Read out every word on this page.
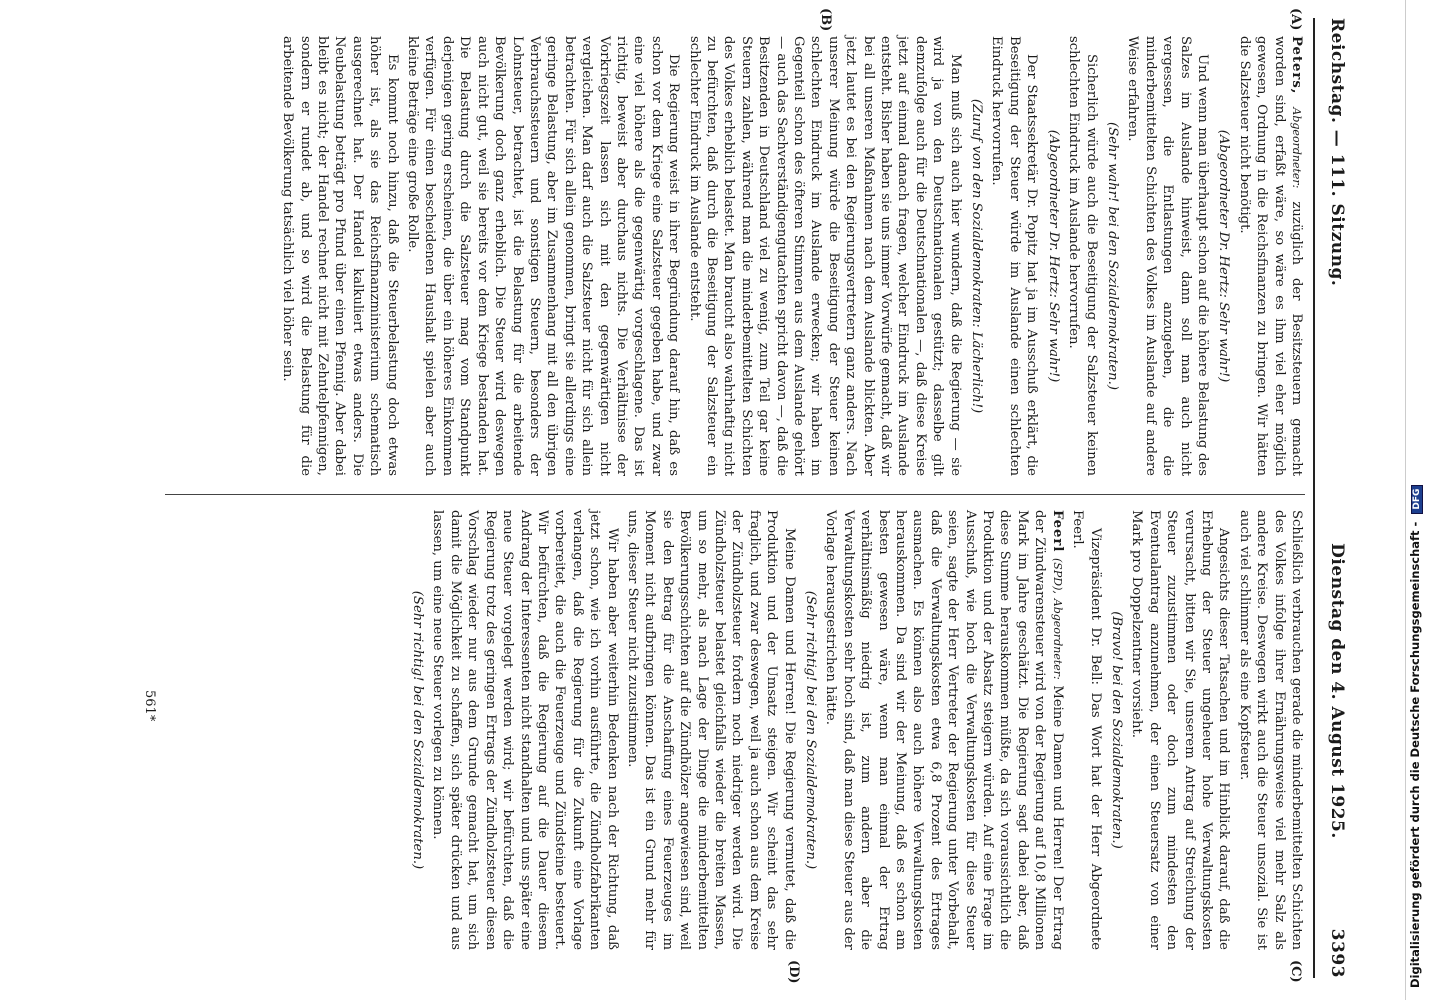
Reichstag. — 111. Sitzung.
Dienstag den 4. August 1925.              3393
(A)
(B)
(C)
(D)

Peters, Abgeordneter: zuzüglich der Besitzsteuern gemacht worden sind, erfaßt wäre, so wäre es ihm viel eher möglich gewesen, Ordnung in die Reichsfinanzen zu bringen. Wir hätten die Salzsteuer nicht benötigt.

(Abgeordneter Dr. Hertz: Sehr wahr!)

Und wenn man überhaupt schon auf die höhere Belastung des Salzes im Auslande hinweist, dann soll man auch nicht vergessen, die Entlastungen anzugeben, die die minderbemittelten Schichten des Volkes im Auslande auf andere Weise erfahren.

(Sehr wahr! bei den Sozialdemokraten.)

Sicherlich würde auch die Beseitigung der Salzsteuer keinen schlechten Eindruck im Auslande hervorrufen.

(Abgeordneter Dr. Hertz: Sehr wahr!)

Der Staatssekretär Dr. Popitz hat ja im Ausschuß erklärt, die Beseitigung der Steuer würde im Auslande einen schlechten Eindruck hervorrufen.

(Zuruf von den Sozialdemokraten: Lächerlich!)

Man muß sich auch hier wundern, daß die Regierung — sie wird ja von den Deutschnationalen gestützt; dasselbe gilt demzufolge auch für die Deutschnationalen —, daß diese Kreise jetzt auf einmal danach fragen, welcher Eindruck im Auslande entsteht. Bisher haben sie uns immer Vorwürfe gemacht, daß wir bei all unseren Maßnahmen nach dem Auslande blickten. Aber jetzt lautet es bei den Regierungsvertretern ganz anders. Nach unserer Meinung würde die Beseitigung der Steuer keinen schlechten Eindruck im Auslande erwecken; wir haben im Gegenteil schon des öfteren Stimmen aus dem Auslande gehört — auch das Sachverständigengutachten spricht davon —, daß die Besitzenden in Deutschland viel zu wenig, zum Teil gar keine Steuern zahlen, während man die minderbemittelten Schichten des Volkes erheblich belastet. Man braucht also wahrhaftig nicht zu befürchten, daß durch die Beseitigung der Salzsteuer ein schlechter Eindruck im Auslande entsteht.

Die Regierung weist in ihrer Begründung darauf hin, daß es schon vor dem Kriege eine Salzsteuer gegeben habe, und zwar eine viel höhere als die gegenwärtig vorgeschlagene. Das ist richtig, beweist aber durchaus nichts. Die Verhältnisse der Vorkriegszeit lassen sich mit den gegenwärtigen nicht vergleichen. Man darf auch die Salzsteuer nicht für sich allein betrachten. Für sich allein genommen, bringt sie allerdings eine geringe Belastung, aber im Zusammenhang mit all den übrigen Verbrauchssteuern und sonstigen Steuern, besonders der Lohnsteuer, betrachtet, ist die Belastung für die arbeitende Bevölkerung doch ganz erheblich. Die Steuer wird deswegen auch nicht gut, weil sie bereits vor dem Kriege bestanden hat. Die Belastung durch die Salzsteuer mag vom Standpunkt derjenigen gering erscheinen, die über ein höheres Einkommen verfügen. Für einen bescheidenen Haushalt spielen aber auch kleine Beträge eine große Rolle.

Es kommt noch hinzu, daß die Steuerbelastung doch etwas höher ist, als sie das Reichsfinanzministerium schematisch ausgerechnet hat. Der Handel kalkuliert etwas anders. Die Neubelastung beträgt pro Pfund über einen Pfennig. Aber dabei bleibt es nicht; der Handel rechnet nicht mit Zehntelpfennigen, sondern er rundet ab, und so wird die Belastung für die arbeitende Bevölkerung tatsächlich viel höher sein.

Schließlich verbrauchen gerade die minderbemittelten Schichten des Volkes infolge ihrer Ernährungsweise viel mehr Salz als andere Kreise. Deswegen wirkt auch die Steuer unsozial. Sie ist auch viel schlimmer als eine Kopfsteuer.

Angesichts dieser Tatsachen und im Hinblick darauf, daß die Erhebung der Steuer ungeheuer hohe Verwaltungskosten verursacht, bitten wir Sie, unserem Antrag auf Streichung der Steuer zuzustimmen oder doch zum mindesten den Eventualantrag anzunehmen, der einen Steuersatz von einer Mark pro Doppelzentner vorsieht.

(Bravo! bei den Sozialdemokraten.)

Vizepräsident Dr. Bell: Das Wort hat der Herr Abgeordnete Feerl.

Feerl (SPD), Abgeordneter: Meine Damen und Herren! Der Ertrag der Zündwarensteuer wird von der Regierung auf 10,8 Millionen Mark im Jahre geschätzt. Die Regierung sagt dabei aber, daß diese Summe herauskommen müßte, da sich voraussichtlich die Produktion und der Absatz steigern würden. Auf eine Frage im Ausschuß, wie hoch die Verwaltungskosten für diese Steuer seien, sagte der Herr Vertreter der Regierung unter Vorbehalt, daß die Verwaltungskosten etwa 6,8 Prozent des Ertrages ausmachen. Es können also auch höhere Verwaltungskosten herauskommen. Da sind wir der Meinung, daß es schon am besten gewesen wäre, wenn man einmal der Ertrag verhältnismäßig niedrig ist, zum andern aber die Verwaltungskosten sehr hoch sind, daß man diese Steuer aus der Vorlage herausgestrichen hätte.

(Sehr richtig! bei den Sozialdemokraten.)

Meine Damen und Herren! Die Regierung vermutet, daß die Produktion und der Umsatz steigen. Wir scheint das sehr fraglich, und zwar deswegen, weil ja auch schon aus dem Kreise der Zündholzsteuer fordern noch niedriger werden wird. Die Zündholzsteuer belastet gleichfalls wieder die breiten Massen, um so mehr, als nach Lage der Dinge die minderbemittelten Bevölkerungsschichten auf die Zündhölzer angewiesen sind, weil sie den Betrag für die Anschaffung eines Feuerzeuges im Moment nicht aufbringen können. Das ist ein Grund mehr für uns, dieser Steuer nicht zuzustimmen.

Wir haben aber weiterhin Bedenken nach der Richtung, daß jetzt schon, wie ich vorhin ausführte, die Zündholzfabrikanten verlangen, daß die Regierung für die Zukunft eine Vorlage vorbereitet, die auch die Feuerzeuge und Zündsteine besteuert. Wir befürchten, daß die Regierung auf die Dauer diesem Andrang der Interessenten nicht standhalten und uns später eine neue Steuer vorgelegt werden wird; wir befürchten, daß die Regierung trotz des geringen Ertrags der Zündholzsteuer diesen Vorschlag wieder nur aus dem Grunde gemacht hat, um sich damit die Möglichkeit zu schaffen, sich später drücken und aus lassen, um eine neue Steuer vorlegen zu können.

(Sehr richtig! bei den Sozialdemokraten.)
561*	Digitalisierung gefördert durch die Deutsche Forschungsgemeinschaft - DFG
